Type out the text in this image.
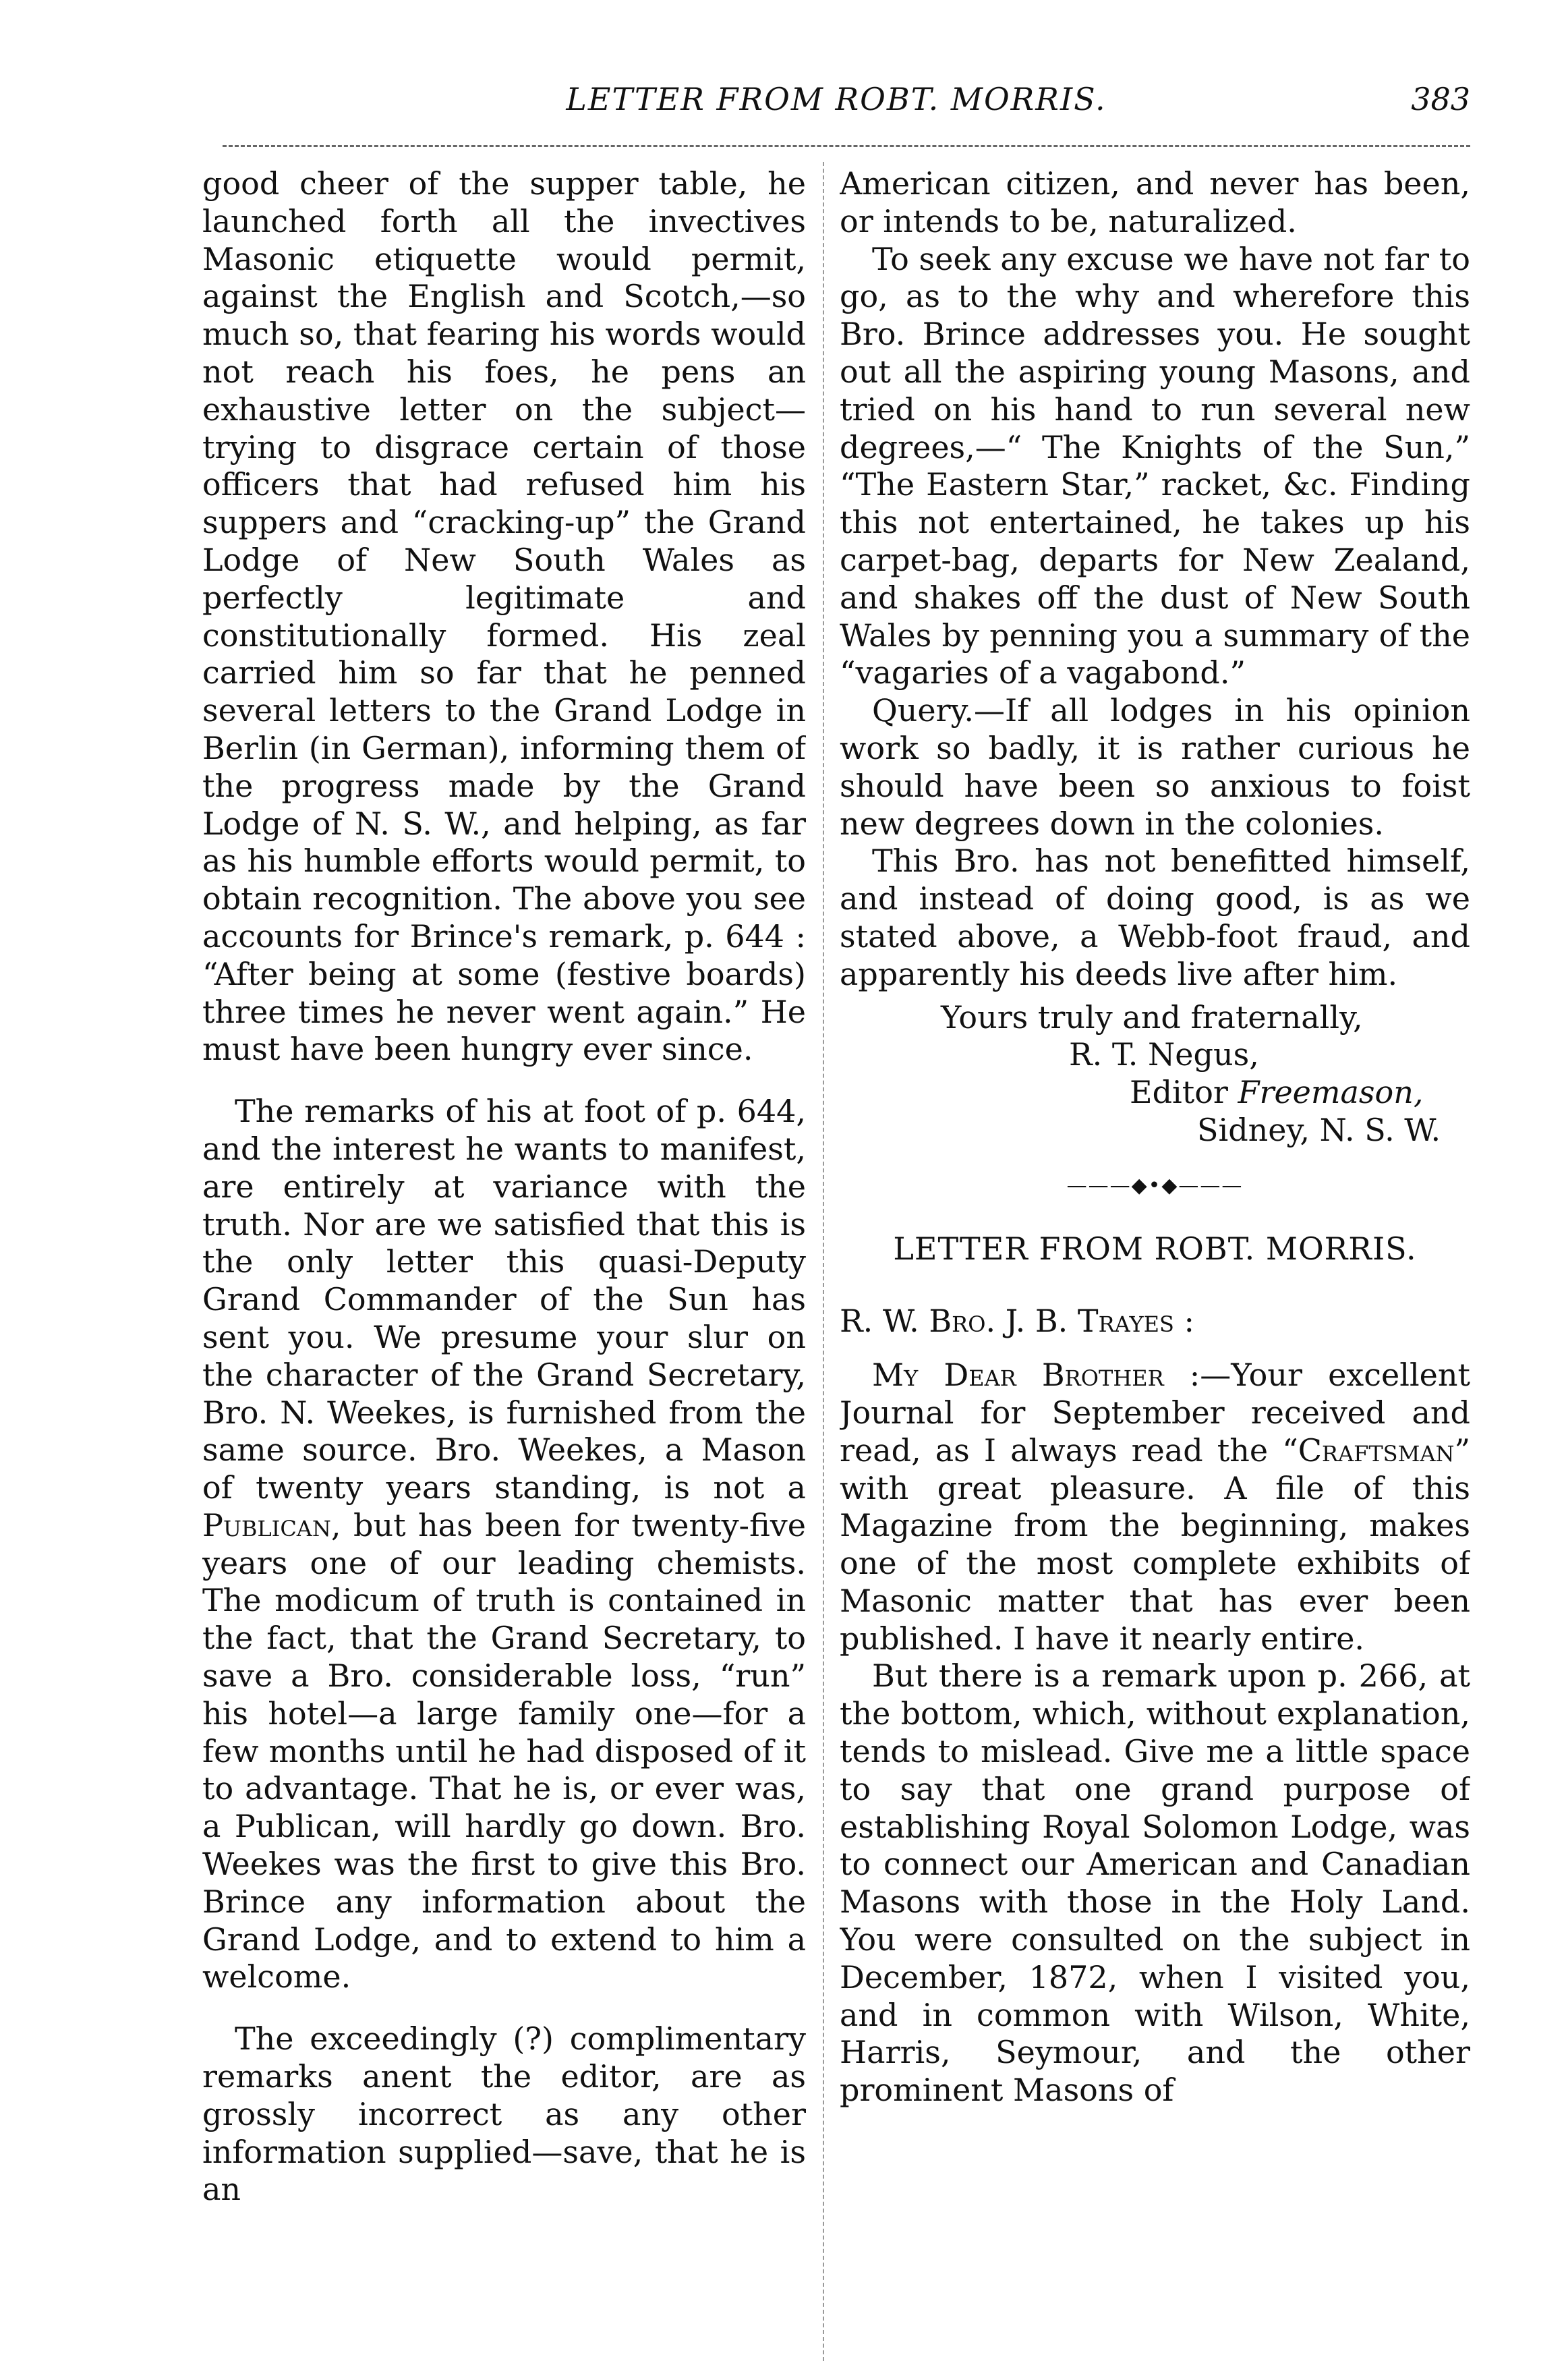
LETTER FROM ROBT. MORRIS.	383

good cheer of the supper table, he launched forth all the invectives Masonic etiquette would permit, against the English and Scotch,—so much so, that fearing his words would not reach his foes, he pens an exhaustive letter on the subject—trying to disgrace certain of those officers that had refused him his suppers and “cracking-up” the Grand Lodge of New South Wales as perfectly legitimate and constitutionally formed. His zeal carried him so far that he penned several letters to the Grand Lodge in Berlin (in German), informing them of the progress made by the Grand Lodge of N. S. W., and helping, as far as his humble efforts would permit, to obtain recognition. The above you see accounts for Brince's remark, p. 644 : “After being at some (festive boards) three times he never went again.” He must have been hungry ever since.

The remarks of his at foot of p. 644, and the interest he wants to manifest, are entirely at variance with the truth. Nor are we satisfied that this is the only letter this quasi-Deputy Grand Commander of the Sun has sent you. We presume your slur on the character of the Grand Secretary, Bro. N. Weekes, is furnished from the same source. Bro. Weekes, a Mason of twenty years standing, is not a Publican, but has been for twenty-five years one of our leading chemists. The modicum of truth is contained in the fact, that the Grand Secretary, to save a Bro. considerable loss, “run” his hotel—a large family one—for a few months until he had disposed of it to advantage. That he is, or ever was, a Publican, will hardly go down. Bro. Weekes was the first to give this Bro. Brince any information about the Grand Lodge, and to extend to him a welcome.

The exceedingly (?) complimentary remarks anent the editor, are as grossly incorrect as any other information supplied—save, that he is an

American citizen, and never has been, or intends to be, naturalized.

To seek any excuse we have not far to go, as to the why and wherefore this Bro. Brince addresses you. He sought out all the aspiring young Masons, and tried on his hand to run several new degrees,—“ The Knights of the Sun,” “The Eastern Star,” racket, &c. Finding this not entertained, he takes up his carpet-bag, departs for New Zealand, and shakes off the dust of New South Wales by penning you a summary of the “vagaries of a vagabond.”

Query.—If all lodges in his opinion work so badly, it is rather curious he should have been so anxious to foist new degrees down in the colonies.

This Bro. has not benefitted himself, and instead of doing good, is as we stated above, a Webb-foot fraud, and apparently his deeds live after him.

Yours truly and fraternally,
R. T. Negus,
Editor Freemason,
Sidney, N. S. W.
———◆•◆———
LETTER FROM ROBT. MORRIS.

R. W. Bro. J. B. Trayes :

My Dear Brother :—Your excellent Journal for September received and read, as I always read the “Craftsman” with great pleasure. A file of this Magazine from the beginning, makes one of the most complete exhibits of Masonic matter that has ever been published. I have it nearly entire.

But there is a remark upon p. 266, at the bottom, which, without explanation, tends to mislead. Give me a little space to say that one grand purpose of establishing Royal Solomon Lodge, was to connect our American and Canadian Masons with those in the Holy Land. You were consulted on the subject in December, 1872, when I visited you, and in common with Wilson, White, Harris, Seymour, and the other prominent Masons of
